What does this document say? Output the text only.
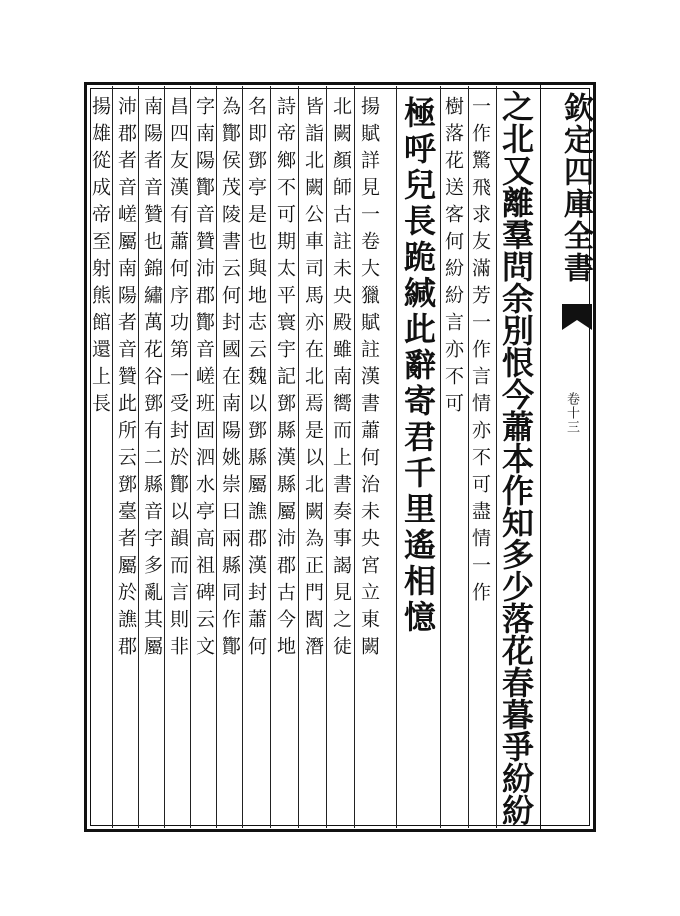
欽定四庫全書
卷十三
之北又離羣問余別恨今蕭本作知多少落花春暮爭紛紛
一作驚飛求友滿芳一作言情亦不可盡情一作
樹落花送客何紛紛言亦不可
極呼兒長跪緘此辭寄君千里遙相憶
揚賦詳見一卷大獵賦註漢書蕭何治未央宮立東闕
北闕顏師古註未央殿雖南嚮而上書奏事謁見之徒
皆詣北闕公車司馬亦在北焉是以北闕為正門閻潛
詩帝鄉不可期太平寰宇記鄧縣漢縣屬沛郡古今地
名即鄧亭是也與地志云魏以鄧縣屬譙郡漢封蕭何
為酇侯茂陵書云何封國在南陽姚崇曰兩縣同作酇
字南陽酇音贊沛郡酇音嵯班固泗水亭高祖碑云文
昌四友漢有蕭何序功第一受封於酇以韻而言則非
南陽者音贊也錦繡萬花谷鄧有二縣音字多亂其屬
沛郡者音嵯屬南陽者音贊此所云鄧臺者屬於譙郡
揚雄從成帝至射熊館還上長
